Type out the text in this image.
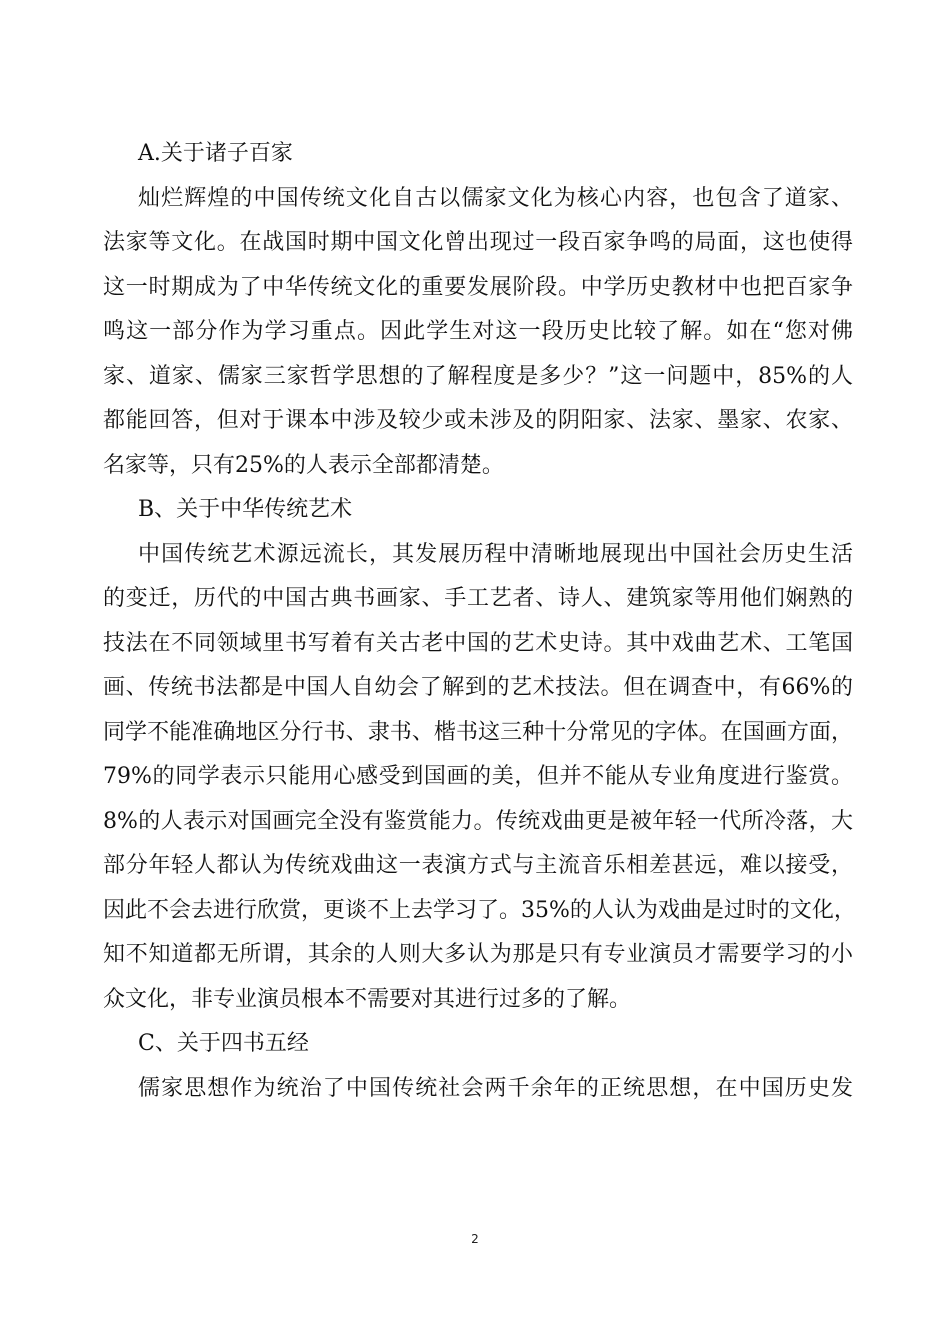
A.关于诸子百家

灿烂辉煌的中国传统文化自古以儒家文化为核心内容，也包含了道家、

法家等文化。在战国时期中国文化曾出现过一段百家争鸣的局面，这也使得

这一时期成为了中华传统文化的重要发展阶段。中学历史教材中也把百家争

鸣这一部分作为学习重点。因此学生对这一段历史比较了解。如在“您对佛

家、道家、儒家三家哲学思想的了解程度是多少？”这一问题中，85%的人

都能回答，但对于课本中涉及较少或未涉及的阴阳家、法家、墨家、农家、

名家等，只有25%的人表示全部都清楚。

B、关于中华传统艺术

中国传统艺术源远流长，其发展历程中清晰地展现出中国社会历史生活

的变迁，历代的中国古典书画家、手工艺者、诗人、建筑家等用他们娴熟的

技法在不同领域里书写着有关古老中国的艺术史诗。其中戏曲艺术、工笔国

画、传统书法都是中国人自幼会了解到的艺术技法。但在调查中，有66%的

同学不能准确地区分行书、隶书、楷书这三种十分常见的字体。在国画方面，

79%的同学表示只能用心感受到国画的美，但并不能从专业角度进行鉴赏。

8%的人表示对国画完全没有鉴赏能力。传统戏曲更是被年轻一代所冷落，大

部分年轻人都认为传统戏曲这一表演方式与主流音乐相差甚远，难以接受，

因此不会去进行欣赏，更谈不上去学习了。35%的人认为戏曲是过时的文化，

知不知道都无所谓，其余的人则大多认为那是只有专业演员才需要学习的小

众文化，非专业演员根本不需要对其进行过多的了解。

C、关于四书五经

儒家思想作为统治了中国传统社会两千余年的正统思想，在中国历史发

2
